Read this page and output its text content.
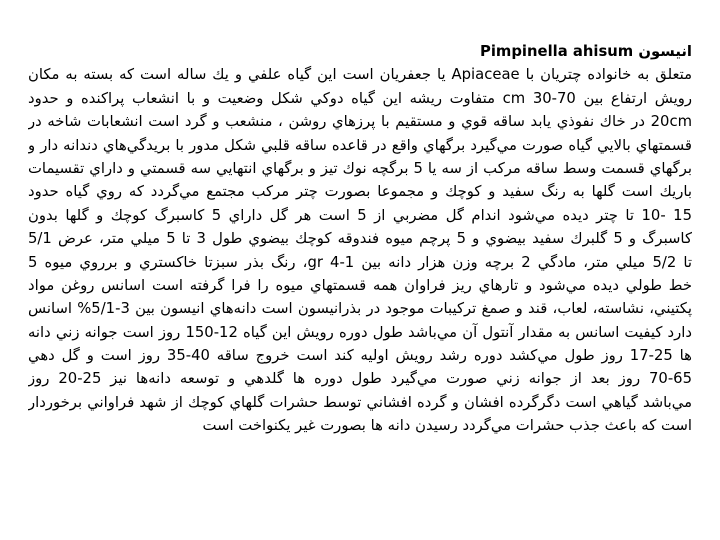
انيسون Pimpinella ahisum
متعلق به خانواده چتريان با Apiaceae يا جعفريان است اين گياه علفي و يك ساله است كه بسته به مكان
رويش ارتفاع بين 70-30 cm متفاوت ريشه اين گياه دوكي شكل وضعيت و با انشعاب پراكنده و حدود
20cm در خاك نفوذي يابد ساقه قوي و مستقيم با پرزهاي روشن ، منشعب و گرد است انشعابات شاخه در
قسمتهاي بالايي گياه صورت مي‌گيرد برگهاي واقع در قاعده ساقه قلبي شكل مدور با بريدگي‌هاي دندانه دار و
برگهاي قسمت وسط ساقه مركب از سه يا 5 برگچه نوك تيز و برگهاي انتهايي سه قسمتي و داراي تقسيمات
باريك است گلها به رنگ سفيد و كوچك و مجموعا بصورت چتر مركب مجتمع مي‌گردد كه روي گياه حدود
15 -10 تا چتر ديده مي‌شود اندام گل مضربي از 5 است هر گل داراي 5 كاسبرگ كوچك و گلها بدون
كاسبرگ و 5 گلبرك سفيد بيضوي و 5 پرچم ميوه فندوقه كوچك بيضوي طول 3 تا 5 ميلي متر، عرض 5/1
تا 5/2 ميلي متر، مادگي 2 برچه وزن هزار دانه بين gr 4-1، رنگ بذر سبزتا خاكستري و برروي ميوه 5
خط طولي ديده مي‌شود و تارهاي ريز فراوان همه قسمتهاي ميوه را فرا گرفته است اسانس روغن مواد
پكتيني، نشاسته، لعاب، قند و صمغ تركيبات موجود در بذرانيسون است دانه‌هاي انيسون بين 3-5/1% اسانس
دارد كيفيت اسانس به مقدار آنتول آن مي‌باشد طول دوره رويش اين گياه 12-150 روز است جوانه زني دانه
ها 25-17 روز طول مي‌كشد دوره رشد رويش اوليه كند است خروج ساقه 40-35 روز است و گل دهي
70-65 روز بعد از جوانه زني صورت مي‌گيرد طول دوره ها گلدهي و توسعه دانه‌ها نيز 25-20 روز
مي‌باشد گياهي است دگرگرده افشان و گرده افشاني توسط حشرات گلهاي كوچك از شهد فراواني برخوردار
است كه باعث جذب حشرات مي‌گردد رسيدن دانه ها بصورت غير يكنواخت است
